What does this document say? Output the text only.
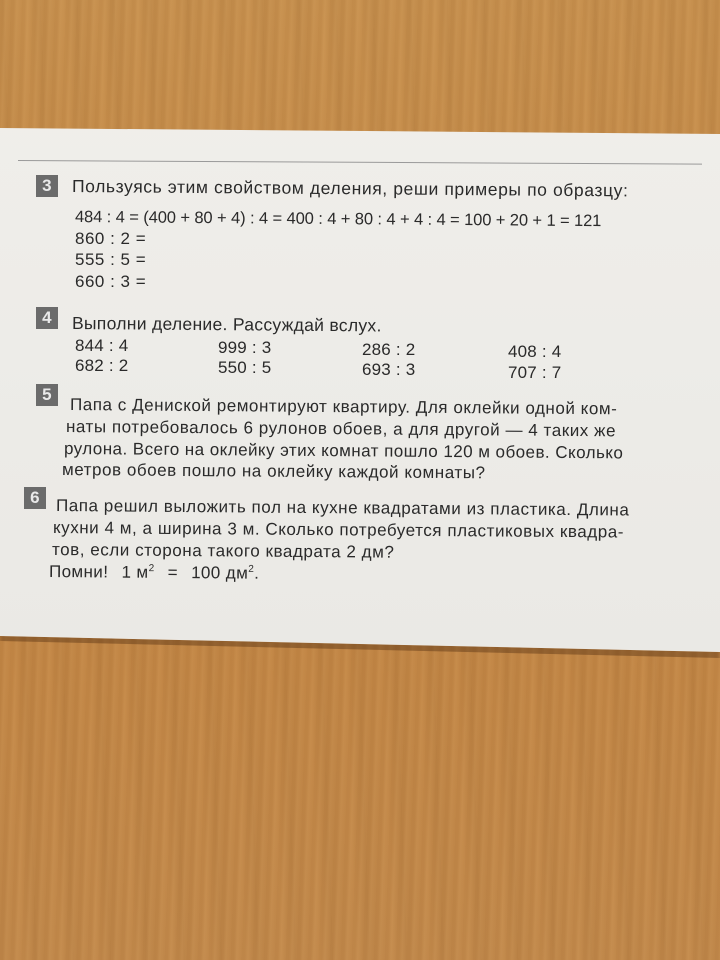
3	Пользуясь этим свойством деления, реши примеры по образцу:
484 : 4 = (400 + 80 + 4) : 4 = 400 : 4 + 80 : 4 + 4 : 4 = 100 + 20 + 1 = 121
860 : 2 =
555 : 5 =
660 : 3 =
4	Выполни деление. Рассуждай вслух.
844 : 4	999 : 3	286 : 2	408 : 4
682 : 2	550 : 5	693 : 3	707 : 7
5
Папа с Дениской ремонтируют квартиру. Для оклейки одной ком-
наты потребовалось 6 рулонов обоев, а для другой — 4 таких же
рулона. Всего на оклейку этих комнат пошло 120 м обоев. Сколько
метров обоев пошло на оклейку каждой комнаты?
6 Папа решил выложить пол на кухне квадратами из пластика. Длина
кухни 4 м, а ширина 3 м. Сколько потребуется пластиковых квадра-
тов, если сторона такого квадрата 2 дм?
Помни! 1 $м^2 = 100$ $дм^2$.
